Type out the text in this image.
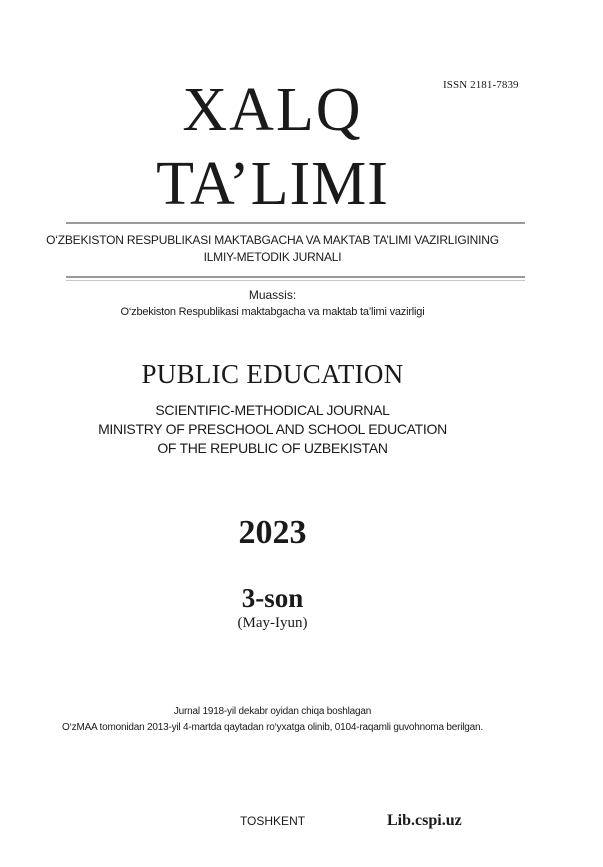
ISSN 2181-7839
XALQ
TA’LIMI
O‘ZBEKISTON RESPUBLIKASI MAKTABGACHA VA MAKTAB TA’LIMI VAZIRLIGINING
ILMIY-METODIK JURNALI
Muassis:
O‘zbekiston Respublikasi maktabgacha va maktab ta’limi vazirligi
PUBLIC EDUCATION
SCIENTIFIC-METHODICAL JOURNAL
MINISTRY OF PRESCHOOL AND SCHOOL EDUCATION
OF THE REPUBLIC OF UZBEKISTAN
2023
3-son
(May-Iyun)
Jurnal 1918-yil dekabr oyidan chiqa boshlagan
O‘zMAA tomonidan 2013-yil 4-martda qaytadan ro‘yxatga olinib, 0104-raqamli guvohnoma berilgan.
TOSHKENT	Lib.cspi.uz
